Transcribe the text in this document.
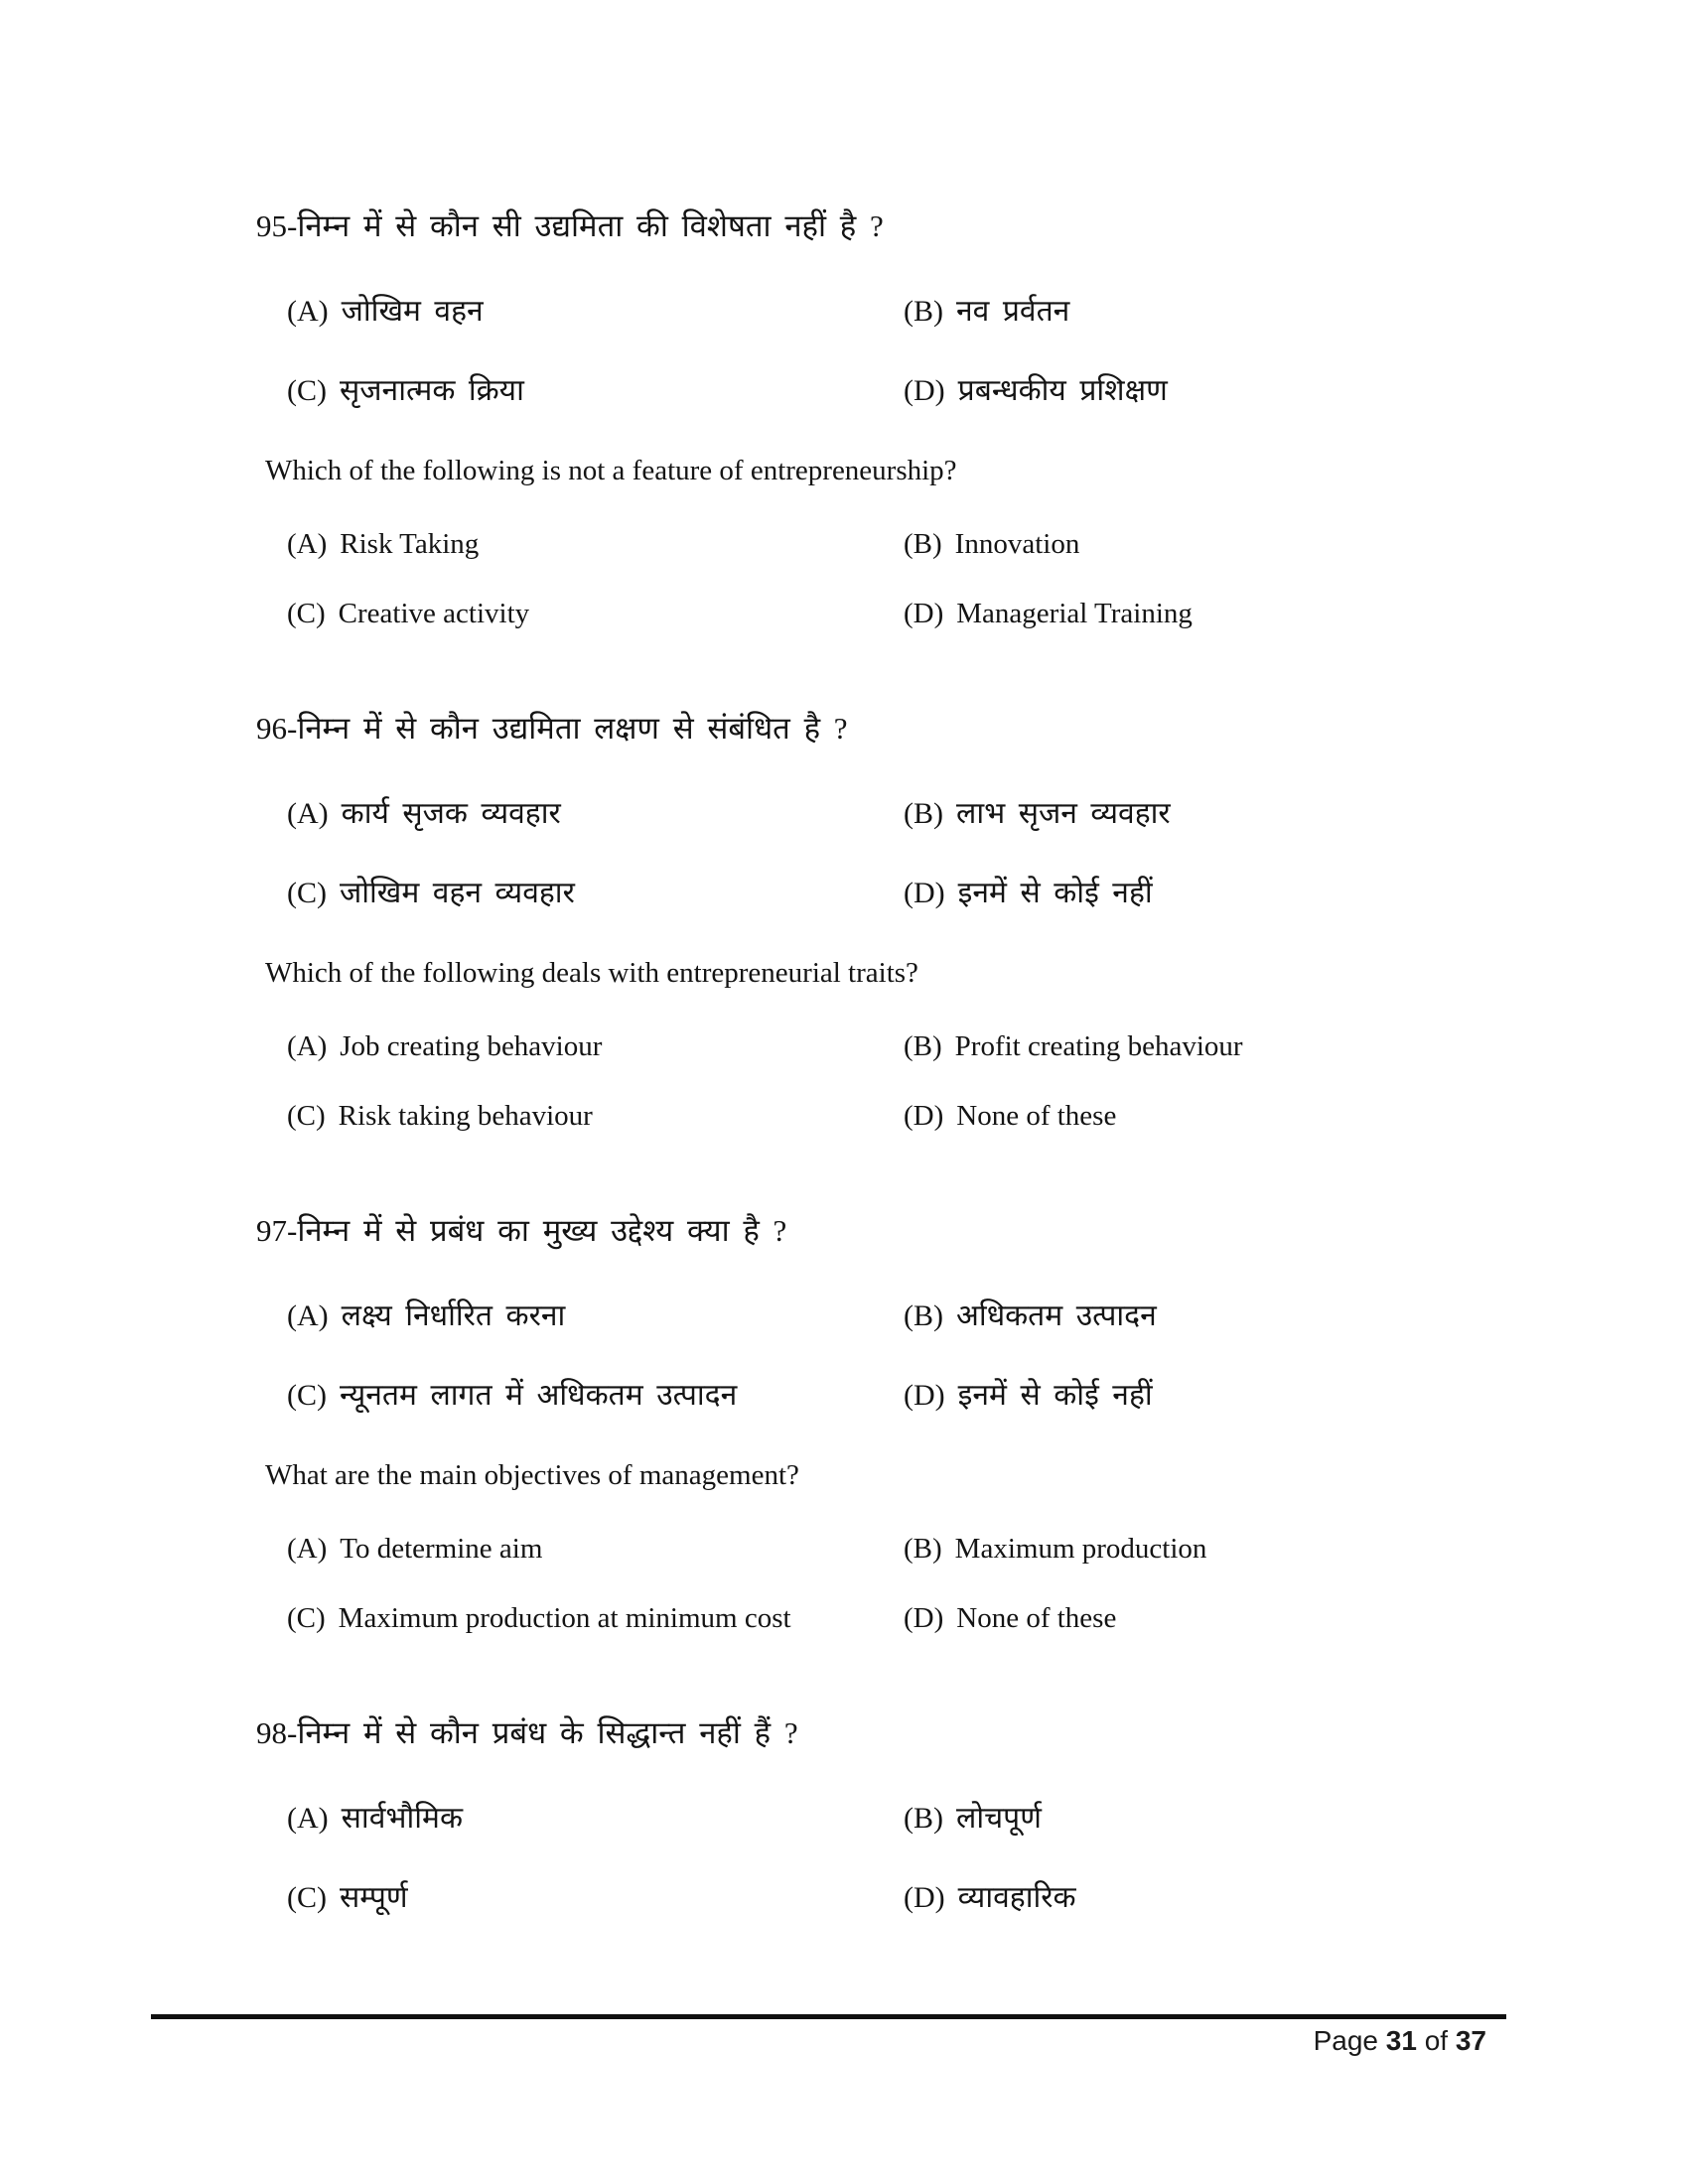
95-निम्न में से कौन सी उद्यमिता की विशेषता नहीं है ?
(A) जोखिम वहन	(B) नव प्रर्वतन
(C) सृजनात्मक क्रिया	(D) प्रबन्धकीय प्रशिक्षण

Which of the following is not a feature of entrepreneurship?

(A) Risk Taking	(B) Innovation
(C) Creative activity	(D) Managerial Training
96-निम्न में से कौन उद्यमिता लक्षण से संबंधित है ?
(A) कार्य सृजक व्यवहार	(B) लाभ सृजन व्यवहार
(C) जोखिम वहन व्यवहार	(D) इनमें से कोई नहीं

Which of the following deals with entrepreneurial traits?

(A) Job creating behaviour	(B) Profit creating behaviour
(C) Risk taking behaviour	(D) None of these
97-निम्न में से प्रबंध का मुख्य उद्देश्य क्या है ?
(A) लक्ष्य निर्धारित करना	(B) अधिकतम उत्पादन
(C) न्यूनतम लागत में अधिकतम उत्पादन	(D) इनमें से कोई नहीं

What are the main objectives of management?

(A) To determine aim	(B) Maximum production
(C) Maximum production at minimum cost	(D) None of these
98-निम्न में से कौन प्रबंध के सिद्धान्त नहीं हैं ?
(A) सार्वभौमिक	(B) लोचपूर्ण
(C) सम्पूर्ण	(D) व्यावहारिक
Page 31 of 37
